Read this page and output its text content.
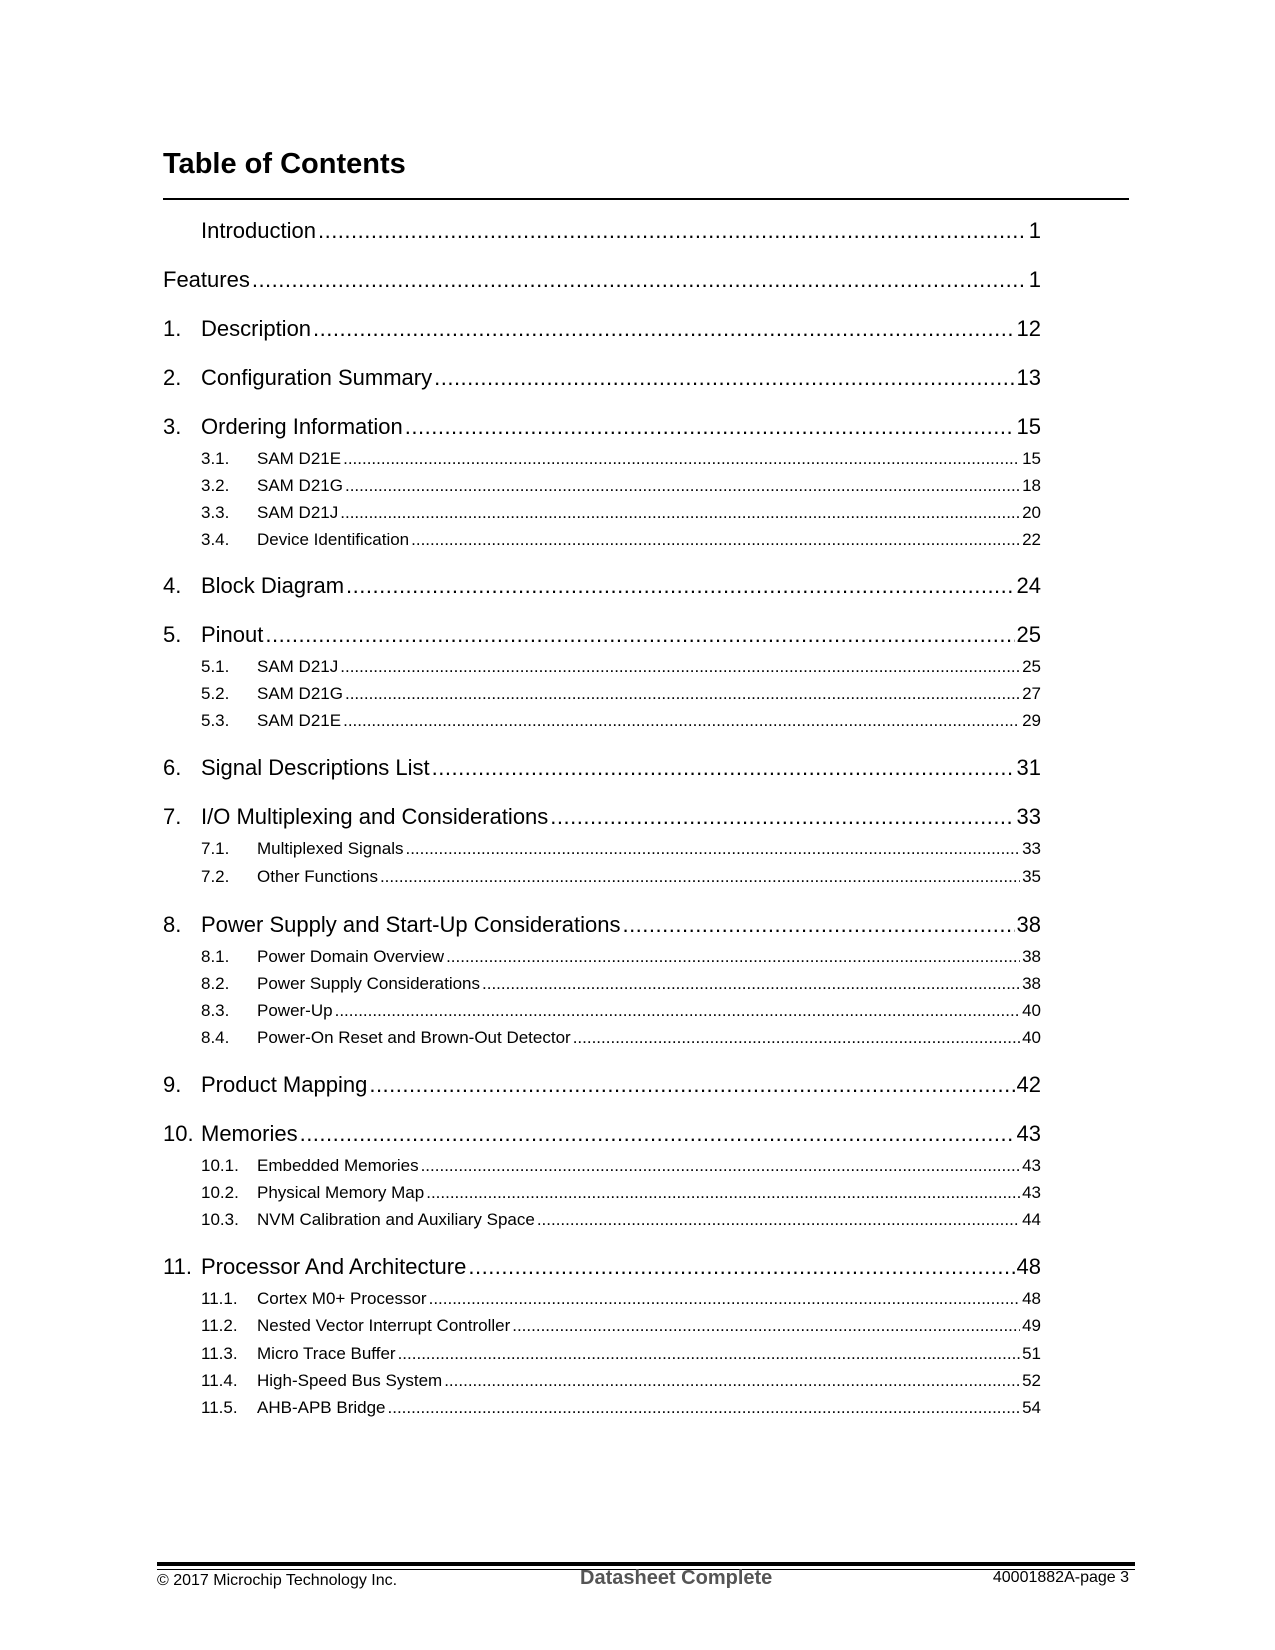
Table of Contents
Introduction .....	1
Features .....	1
1. Description .....	12
2. Configuration Summary .....	13
3. Ordering Information .....	15
3.1.	SAM D21E .....	15
3.2.	SAM D21G .....	18
3.3.	SAM D21J .....	20
3.4.	Device Identification .....	22
4. Block Diagram .....	24
5. Pinout .....	25
5.1.	SAM D21J .....	25
5.2.	SAM D21G .....	27
5.3.	SAM D21E .....	29
6. Signal Descriptions List .....	31
7. I/O Multiplexing and Considerations .....	33
7.1.	Multiplexed Signals .....	33
7.2.	Other Functions .....	35
8. Power Supply and Start-Up Considerations .....	38
8.1.	Power Domain Overview .....	38
8.2.	Power Supply Considerations .....	38
8.3.	Power-Up .....	40
8.4.	Power-On Reset and Brown-Out Detector .....	40
9. Product Mapping .....	42
10. Memories .....	43
10.1.	Embedded Memories .....	43
10.2.	Physical Memory Map .....	43
10.3.	NVM Calibration and Auxiliary Space .....	44
11. Processor And Architecture .....	48
11.1.	Cortex M0+ Processor .....	48
11.2.	Nested Vector Interrupt Controller .....	49
11.3.	Micro Trace Buffer .....	51
11.4.	High-Speed Bus System .....	52
11.5.	AHB-APB Bridge .....	54
© 2017 Microchip Technology Inc.	Datasheet Complete	40001882A-page 3
